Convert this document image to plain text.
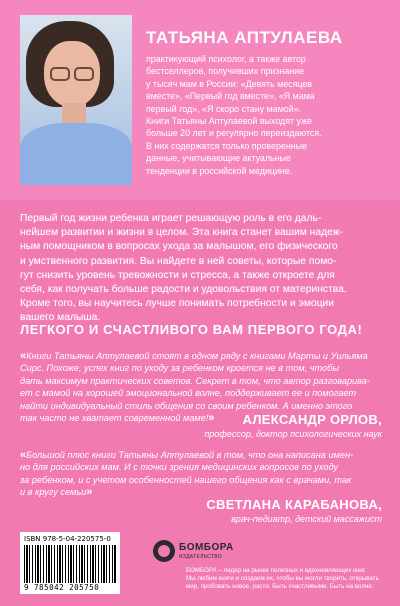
ТАТЬЯНА АПТУЛАЕВА
практикующий психолог, а также автор
бестселлеров, получивших признание
у тысяч мам в России: «Девять месяцев
вместе», «Первый год вместе», «Я мама
первый год», «Я скоро стану мамой».
Книги Татьяны Аптулаевой выходят уже
больше 20 лет и регулярно переиздаются.
В них содержатся только проверенные
данные, учитывающие актуальные
тенденции в российской медицине.
Первый год жизни ребенка играет решающую роль в его даль-
нейшем развитии и жизни в целом. Эта книга станет вашим надеж-
ным помощником в вопросах ухода за малышом, его физического
и умственного развития. Вы найдете в ней советы, которые помо-
гут снизить уровень тревожности и стресса, а также откроете для
себя, как получать больше радости и удовольствия от материнства.
Кроме того, вы научитесь лучше понимать потребности и эмоции
вашего малыша.
ЛЕГКОГО И СЧАСТЛИВОГО ВАМ ПЕРВОГО ГОДА!
«Книги Татьяны Аптулаевой стоят в одном ряду с книгами Марты и Уильяма
Сирс. Похоже, успех книг по уходу за ребенком кроется не в том, чтобы
дать максимум практических советов. Секрет в том, что автор разговарива-
ет с мамой на хорошей эмоциональной волне, поддерживает ее и помогает
найти индивидуальный стиль общения со своим ребенком. А именно этого
так часто не хватает современной маме!»	АЛЕКСАНДР ОРЛОВ,
профессор, доктор психологических наук
«Большой плюс книги Татьяны Аптулаевой в том, что она написана имен-
но для российских мам. И с точки зрения медицинских вопросов по уходу
за ребенком, и с учетом особенностей нашего общения как с врачами, так
и в кругу семьи»
СВЕТЛАНА КАРАБАНОВА,
врач-педиатр, детский массажист
ISBN 978-5-04-220575-0
9 785042 205750
БОМБОРА
ИЗДАТЕЛЬСТВО
БОМБОРА – лидер на рынке полезных и вдохновляющих книг.
Мы любим книги и создаем их, чтобы вы могли творить, открывать
мир, пробовать новое, расти. Быть счастливыми. Быть на волне.
